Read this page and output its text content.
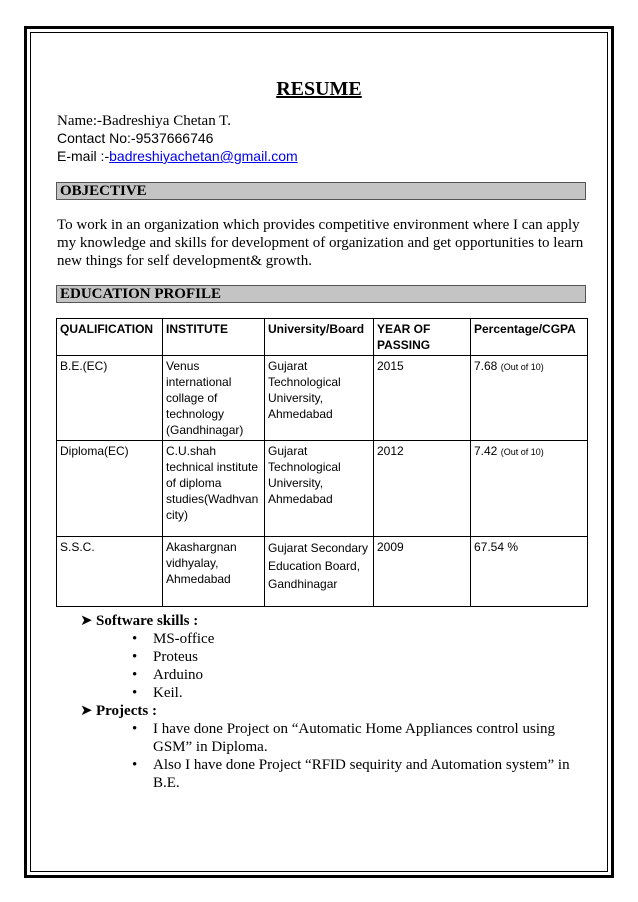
RESUME
Name:-Badreshiya Chetan T.
Contact No:-9537666746
E-mail :-badreshiyachetan@gmail.com
OBJECTIVE
To work in an organization which provides competitive environment where I can apply my knowledge and skills for development of organization and get opportunities to learn new things for self development& growth.
EDUCATION PROFILE
QUALIFICATION	INSTITUTE	University/Board	YEAR OF PASSING	Percentage/CGPA
B.E.(EC)	Venus international collage of technology (Gandhinagar)	Gujarat Technological University, Ahmedabad	2015	7.68 (Out of 10)
Diploma(EC)	C.U.shah technical institute of diploma studies(Wadhvan city)	Gujarat Technological University, Ahmedabad	2012	7.42 (Out of 10)
S.S.C.	Akashargnan vidhyalay, Ahmedabad	Gujarat Secondary Education Board, Gandhinagar	2009	67.54 %
➤ Software skills :
• MS-office
• Proteus
• Arduino
• Keil.
➤ Projects :
• I have done Project on “Automatic Home Appliances control using GSM” in Diploma.
• Also I have done Project “RFID sequirity and Automation system” in B.E.
